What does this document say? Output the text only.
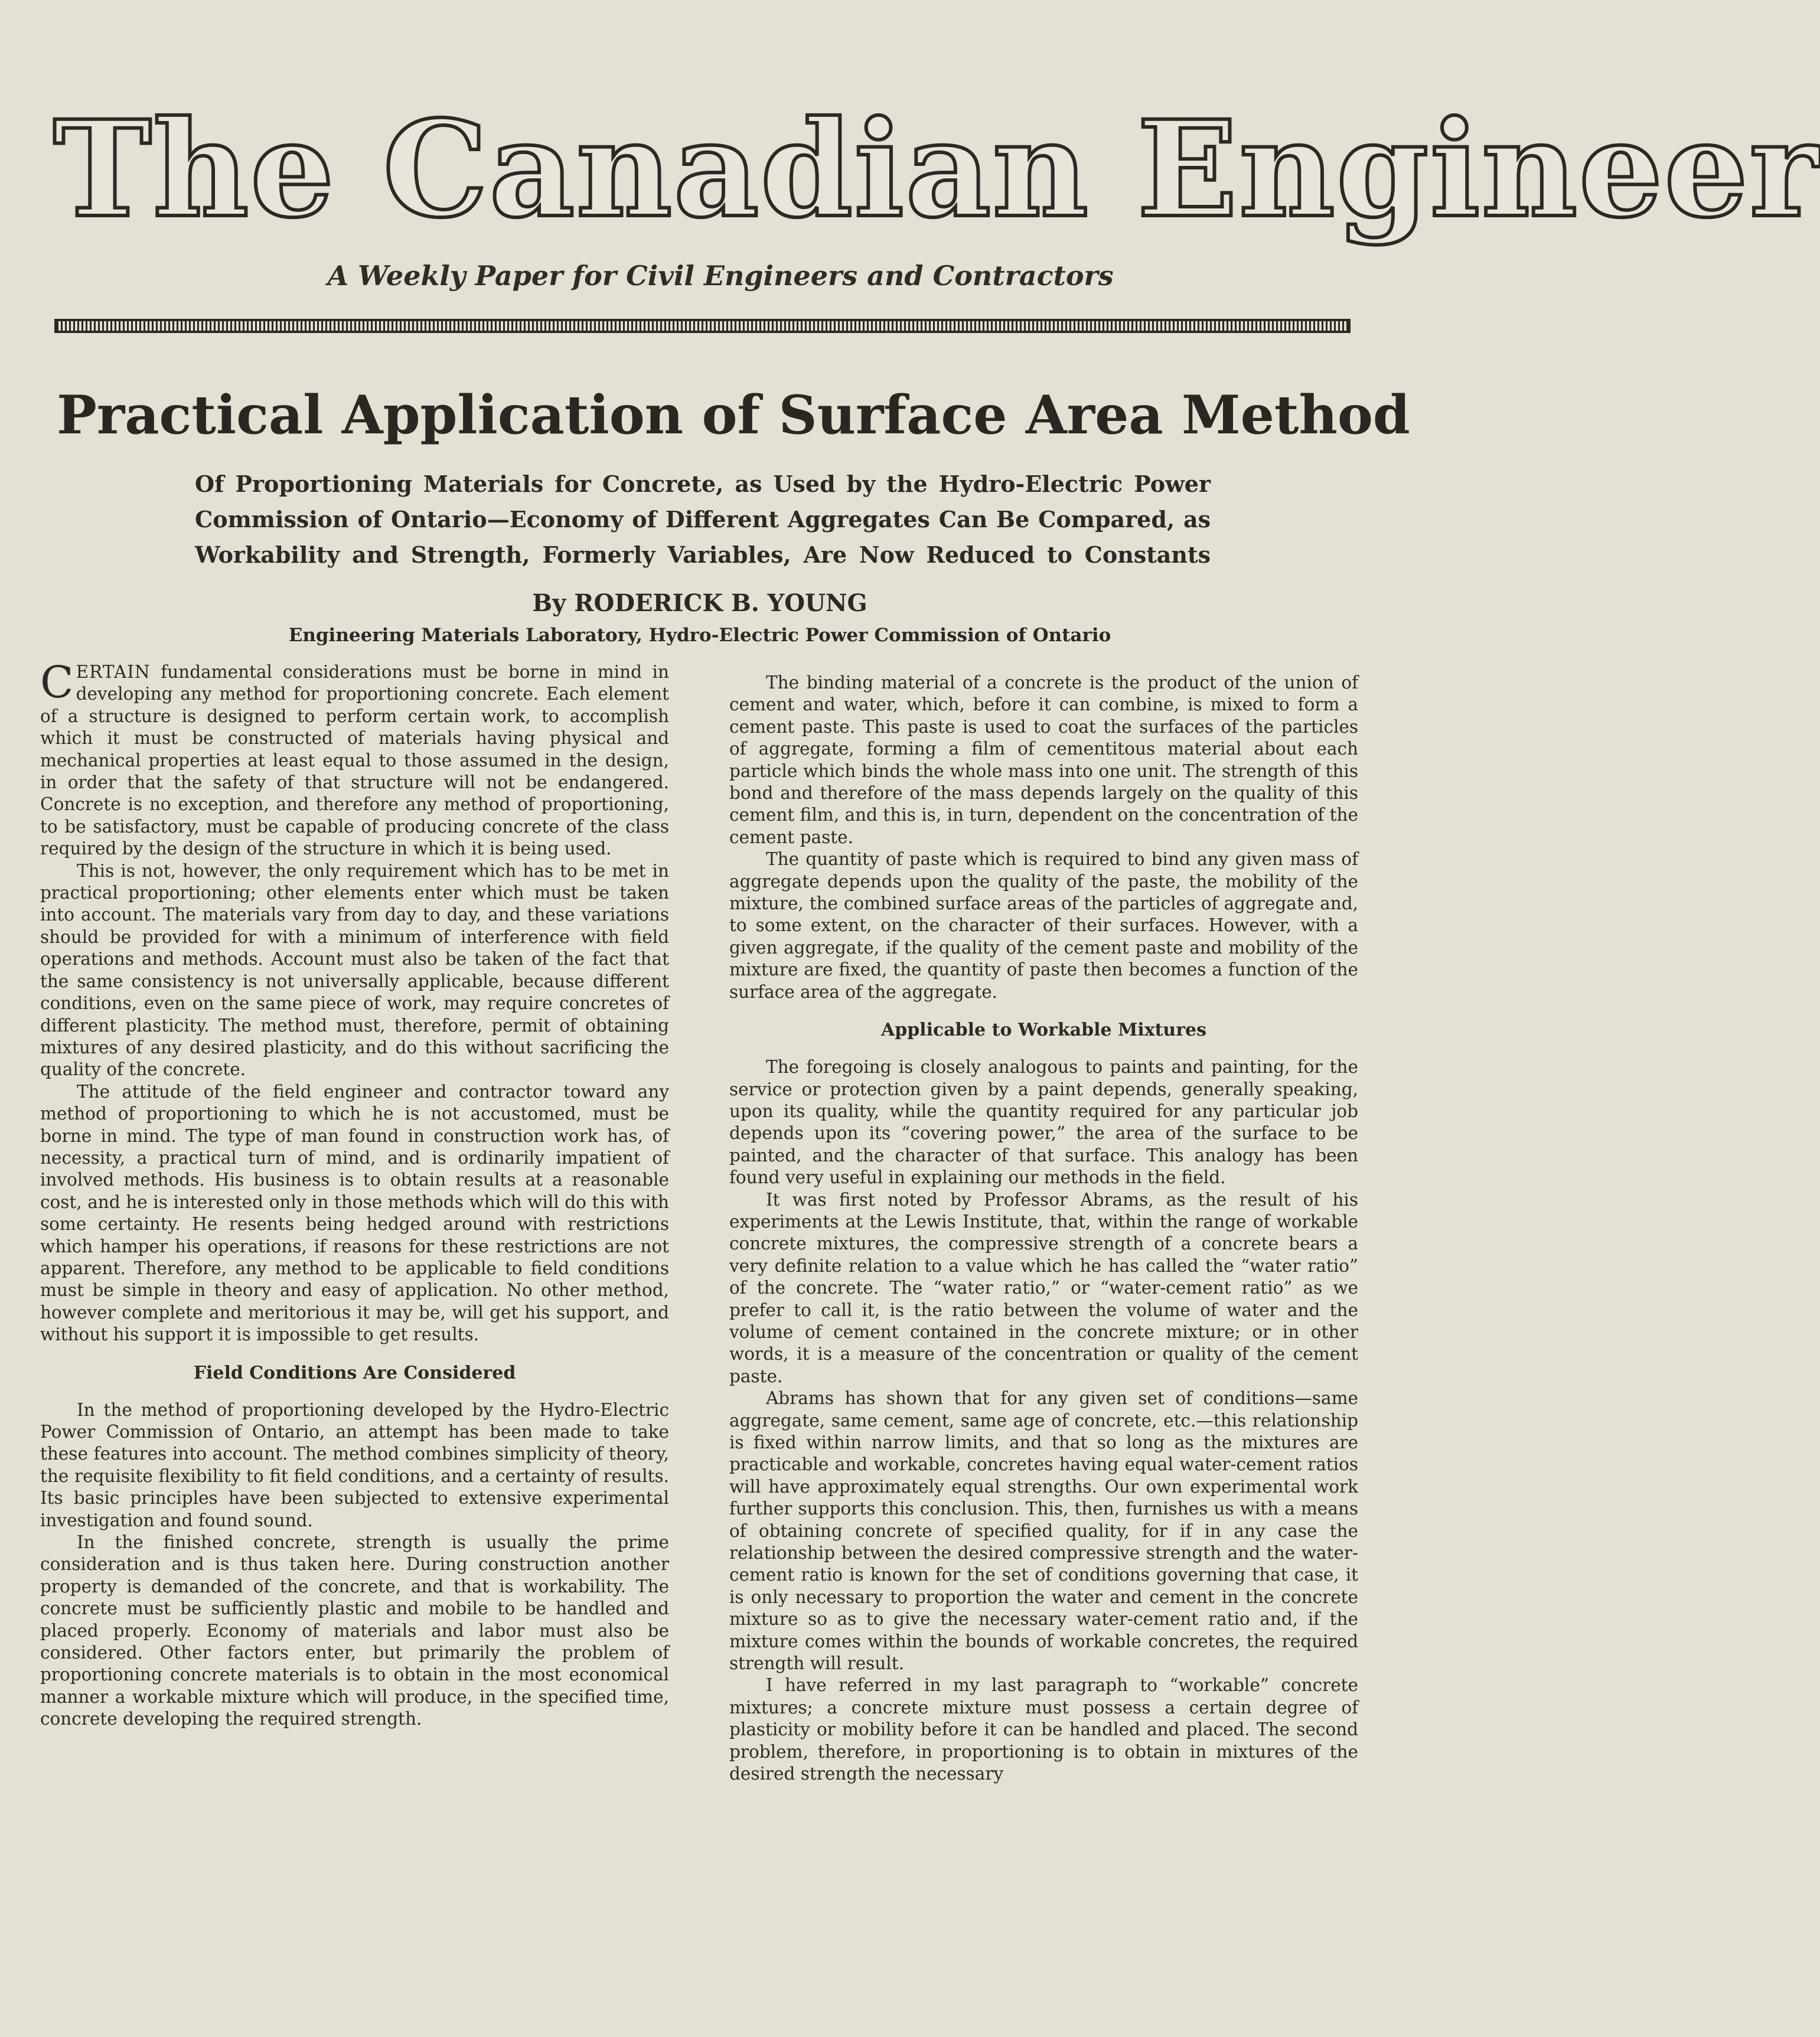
The Canadian Engineer
A Weekly Paper for Civil Engineers and Contractors
Practical Application of Surface Area Method
Of Proportioning Materials for Concrete, as Used by the Hydro-Electric Power Commission of Ontario—Economy of Different Aggregates Can Be Compared, as Workability and Strength, Formerly Variables, Are Now Reduced to Constants
By RODERICK B. YOUNG
Engineering Materials Laboratory, Hydro-Electric Power Commission of Ontario

CERTAIN fundamental considerations must be borne in mind in developing any method for proportioning concrete. Each element of a structure is designed to perform certain work, to accomplish which it must be constructed of materials having physical and mechanical properties at least equal to those assumed in the design, in order that the safety of that structure will not be endangered. Concrete is no exception, and therefore any method of proportioning, to be satisfactory, must be capable of producing concrete of the class required by the design of the structure in which it is being used.

This is not, however, the only requirement which has to be met in practical proportioning; other elements enter which must be taken into account. The materials vary from day to day, and these variations should be provided for with a minimum of interference with field operations and methods. Account must also be taken of the fact that the same consistency is not universally applicable, because different conditions, even on the same piece of work, may require concretes of different plasticity. The method must, therefore, permit of obtaining mixtures of any desired plasticity, and do this without sacrificing the quality of the concrete.

The attitude of the field engineer and contractor toward any method of proportioning to which he is not accustomed, must be borne in mind. The type of man found in construction work has, of necessity, a practical turn of mind, and is ordinarily impatient of involved methods. His business is to obtain results at a reasonable cost, and he is interested only in those methods which will do this with some certainty. He resents being hedged around with restrictions which hamper his operations, if reasons for these restrictions are not apparent. Therefore, any method to be applicable to field conditions must be simple in theory and easy of application. No other method, however complete and meritorious it may be, will get his support, and without his support it is impossible to get results.

Field Conditions Are Considered

In the method of proportioning developed by the Hydro-Electric Power Commission of Ontario, an attempt has been made to take these features into account. The method combines simplicity of theory, the requisite flexibility to fit field conditions, and a certainty of results. Its basic principles have been subjected to extensive experimental investigation and found sound.

In the finished concrete, strength is usually the prime consideration and is thus taken here. During construction another property is demanded of the concrete, and that is workability. The concrete must be sufficiently plastic and mobile to be handled and placed properly. Economy of materials and labor must also be considered. Other factors enter, but primarily the problem of proportioning concrete materials is to obtain in the most economical manner a workable mixture which will produce, in the specified time, concrete developing the required strength.

The binding material of a concrete is the product of the union of cement and water, which, before it can combine, is mixed to form a cement paste. This paste is used to coat the surfaces of the particles of aggregate, forming a film of cementitous material about each particle which binds the whole mass into one unit. The strength of this bond and therefore of the mass depends largely on the quality of this cement film, and this is, in turn, dependent on the concentration of the cement paste.

The quantity of paste which is required to bind any given mass of aggregate depends upon the quality of the paste, the mobility of the mixture, the combined surface areas of the particles of aggregate and, to some extent, on the character of their surfaces. However, with a given aggregate, if the quality of the cement paste and mobility of the mixture are fixed, the quantity of paste then becomes a function of the surface area of the aggregate.

Applicable to Workable Mixtures

The foregoing is closely analogous to paints and painting, for the service or protection given by a paint depends, generally speaking, upon its quality, while the quantity required for any particular job depends upon its “covering power,” the area of the surface to be painted, and the character of that surface. This analogy has been found very useful in explaining our methods in the field.

It was first noted by Professor Abrams, as the result of his experiments at the Lewis Institute, that, within the range of workable concrete mixtures, the compressive strength of a concrete bears a very definite relation to a value which he has called the “water ratio” of the concrete. The “water ratio,” or “water-cement ratio” as we prefer to call it, is the ratio between the volume of water and the volume of cement contained in the concrete mixture; or in other words, it is a measure of the concentration or quality of the cement paste.

Abrams has shown that for any given set of conditions—same aggregate, same cement, same age of concrete, etc.—this relationship is fixed within narrow limits, and that so long as the mixtures are practicable and workable, concretes having equal water-cement ratios will have approximately equal strengths. Our own experimental work further supports this conclusion. This, then, furnishes us with a means of obtaining concrete of specified quality, for if in any case the relationship between the desired compressive strength and the water-cement ratio is known for the set of conditions governing that case, it is only necessary to proportion the water and cement in the concrete mixture so as to give the necessary water-cement ratio and, if the mixture comes within the bounds of workable concretes, the required strength will result.

I have referred in my last paragraph to “workable” concrete mixtures; a concrete mixture must possess a certain degree of plasticity or mobility before it can be handled and placed. The second problem, therefore, in proportioning is to obtain in mixtures of the desired strength the necessary
